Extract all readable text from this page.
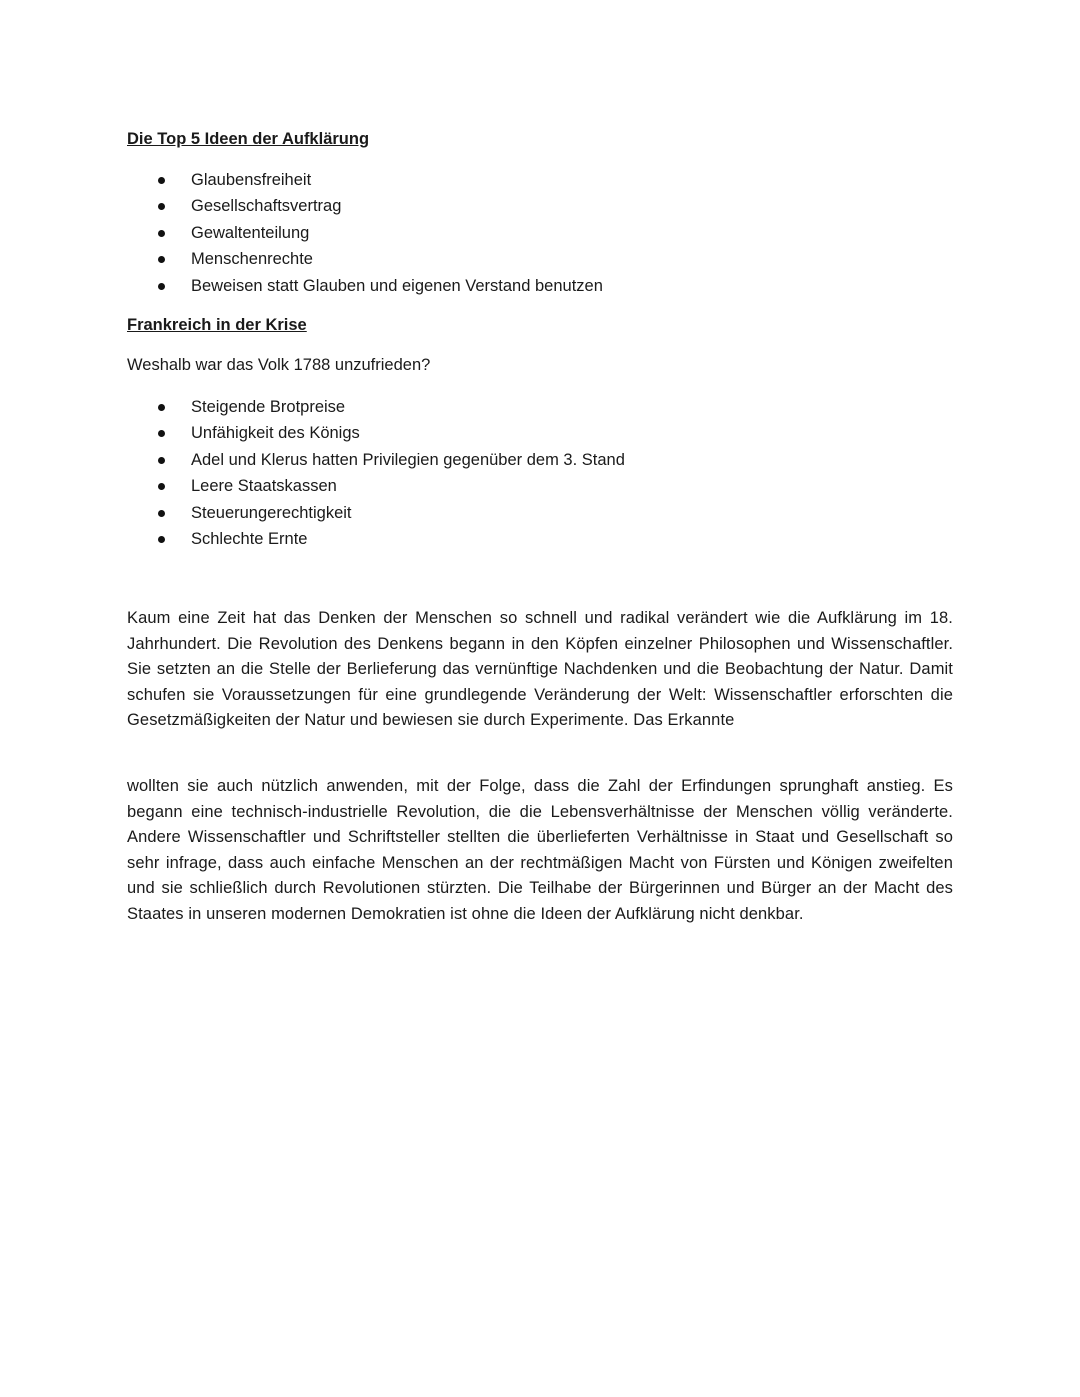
Die Top 5 Ideen der Aufklärung
Glaubensfreiheit
Gesellschaftsvertrag
Gewaltenteilung
Menschenrechte
Beweisen statt Glauben und eigenen Verstand benutzen
Frankreich in der Krise

Weshalb war das Volk 1788 unzufrieden?

Steigende Brotpreise
Unfähigkeit des Königs
Adel und Klerus hatten Privilegien gegenüber dem 3. Stand
Leere Staatskassen
Steuerungerechtigkeit
Schlechte Ernte

Kaum eine Zeit hat das Denken der Menschen so schnell und radikal verändert wie die Aufklärung im 18. Jahrhundert. Die Revolution des Denkens begann in den Köpfen einzelner Philosophen und Wissenschaftler. Sie setzten an die Stelle der Berlieferung das vernünftige Nachdenken und die Beobachtung der Natur. Damit schufen sie Voraussetzungen für eine grundlegende Veränderung der Welt: Wissenschaftler erforschten die Gesetzmäßigkeiten der Natur und bewiesen sie durch Experimente. Das Erkannte

wollten sie auch nützlich anwenden, mit der Folge, dass die Zahl der Erfindungen sprunghaft anstieg. Es begann eine technisch-industrielle Revolution, die die Lebensverhältnisse der Menschen völlig veränderte. Andere Wissenschaftler und Schriftsteller stellten die überlieferten Verhältnisse in Staat und Gesellschaft so sehr infrage, dass auch einfache Menschen an der rechtmäßigen Macht von Fürsten und Königen zweifelten und sie schließlich durch Revolutionen stürzten. Die Teilhabe der Bürgerinnen und Bürger an der Macht des Staates in unseren modernen Demokratien ist ohne die Ideen der Aufklärung nicht denkbar.
